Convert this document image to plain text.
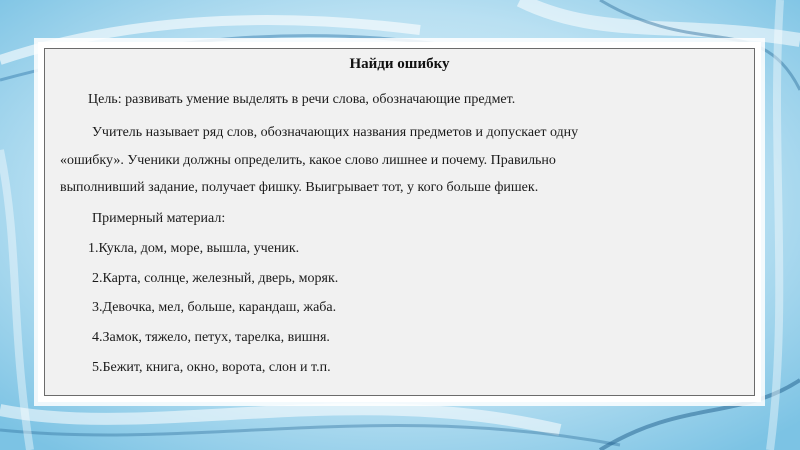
Найди ошибку
Цель: развивать умение выделять в речи слова, обозначающие предмет.
Учитель называет ряд слов, обозначающих названия предметов и допускает одну
«ошибку». Ученики должны определить, какое слово лишнее и почему. Правильно
выполнивший задание, получает фишку. Выигрывает тот, у кого больше фишек.
Примерный материал:
1.Кукла, дом, море, вышла, ученик.
2.Карта, солнце, железный, дверь, моряк.
3.Девочка, мел, больше, карандаш, жаба.
4.Замок, тяжело, петух, тарелка, вишня.
5.Бежит, книга, окно, ворота, слон и т.п.
